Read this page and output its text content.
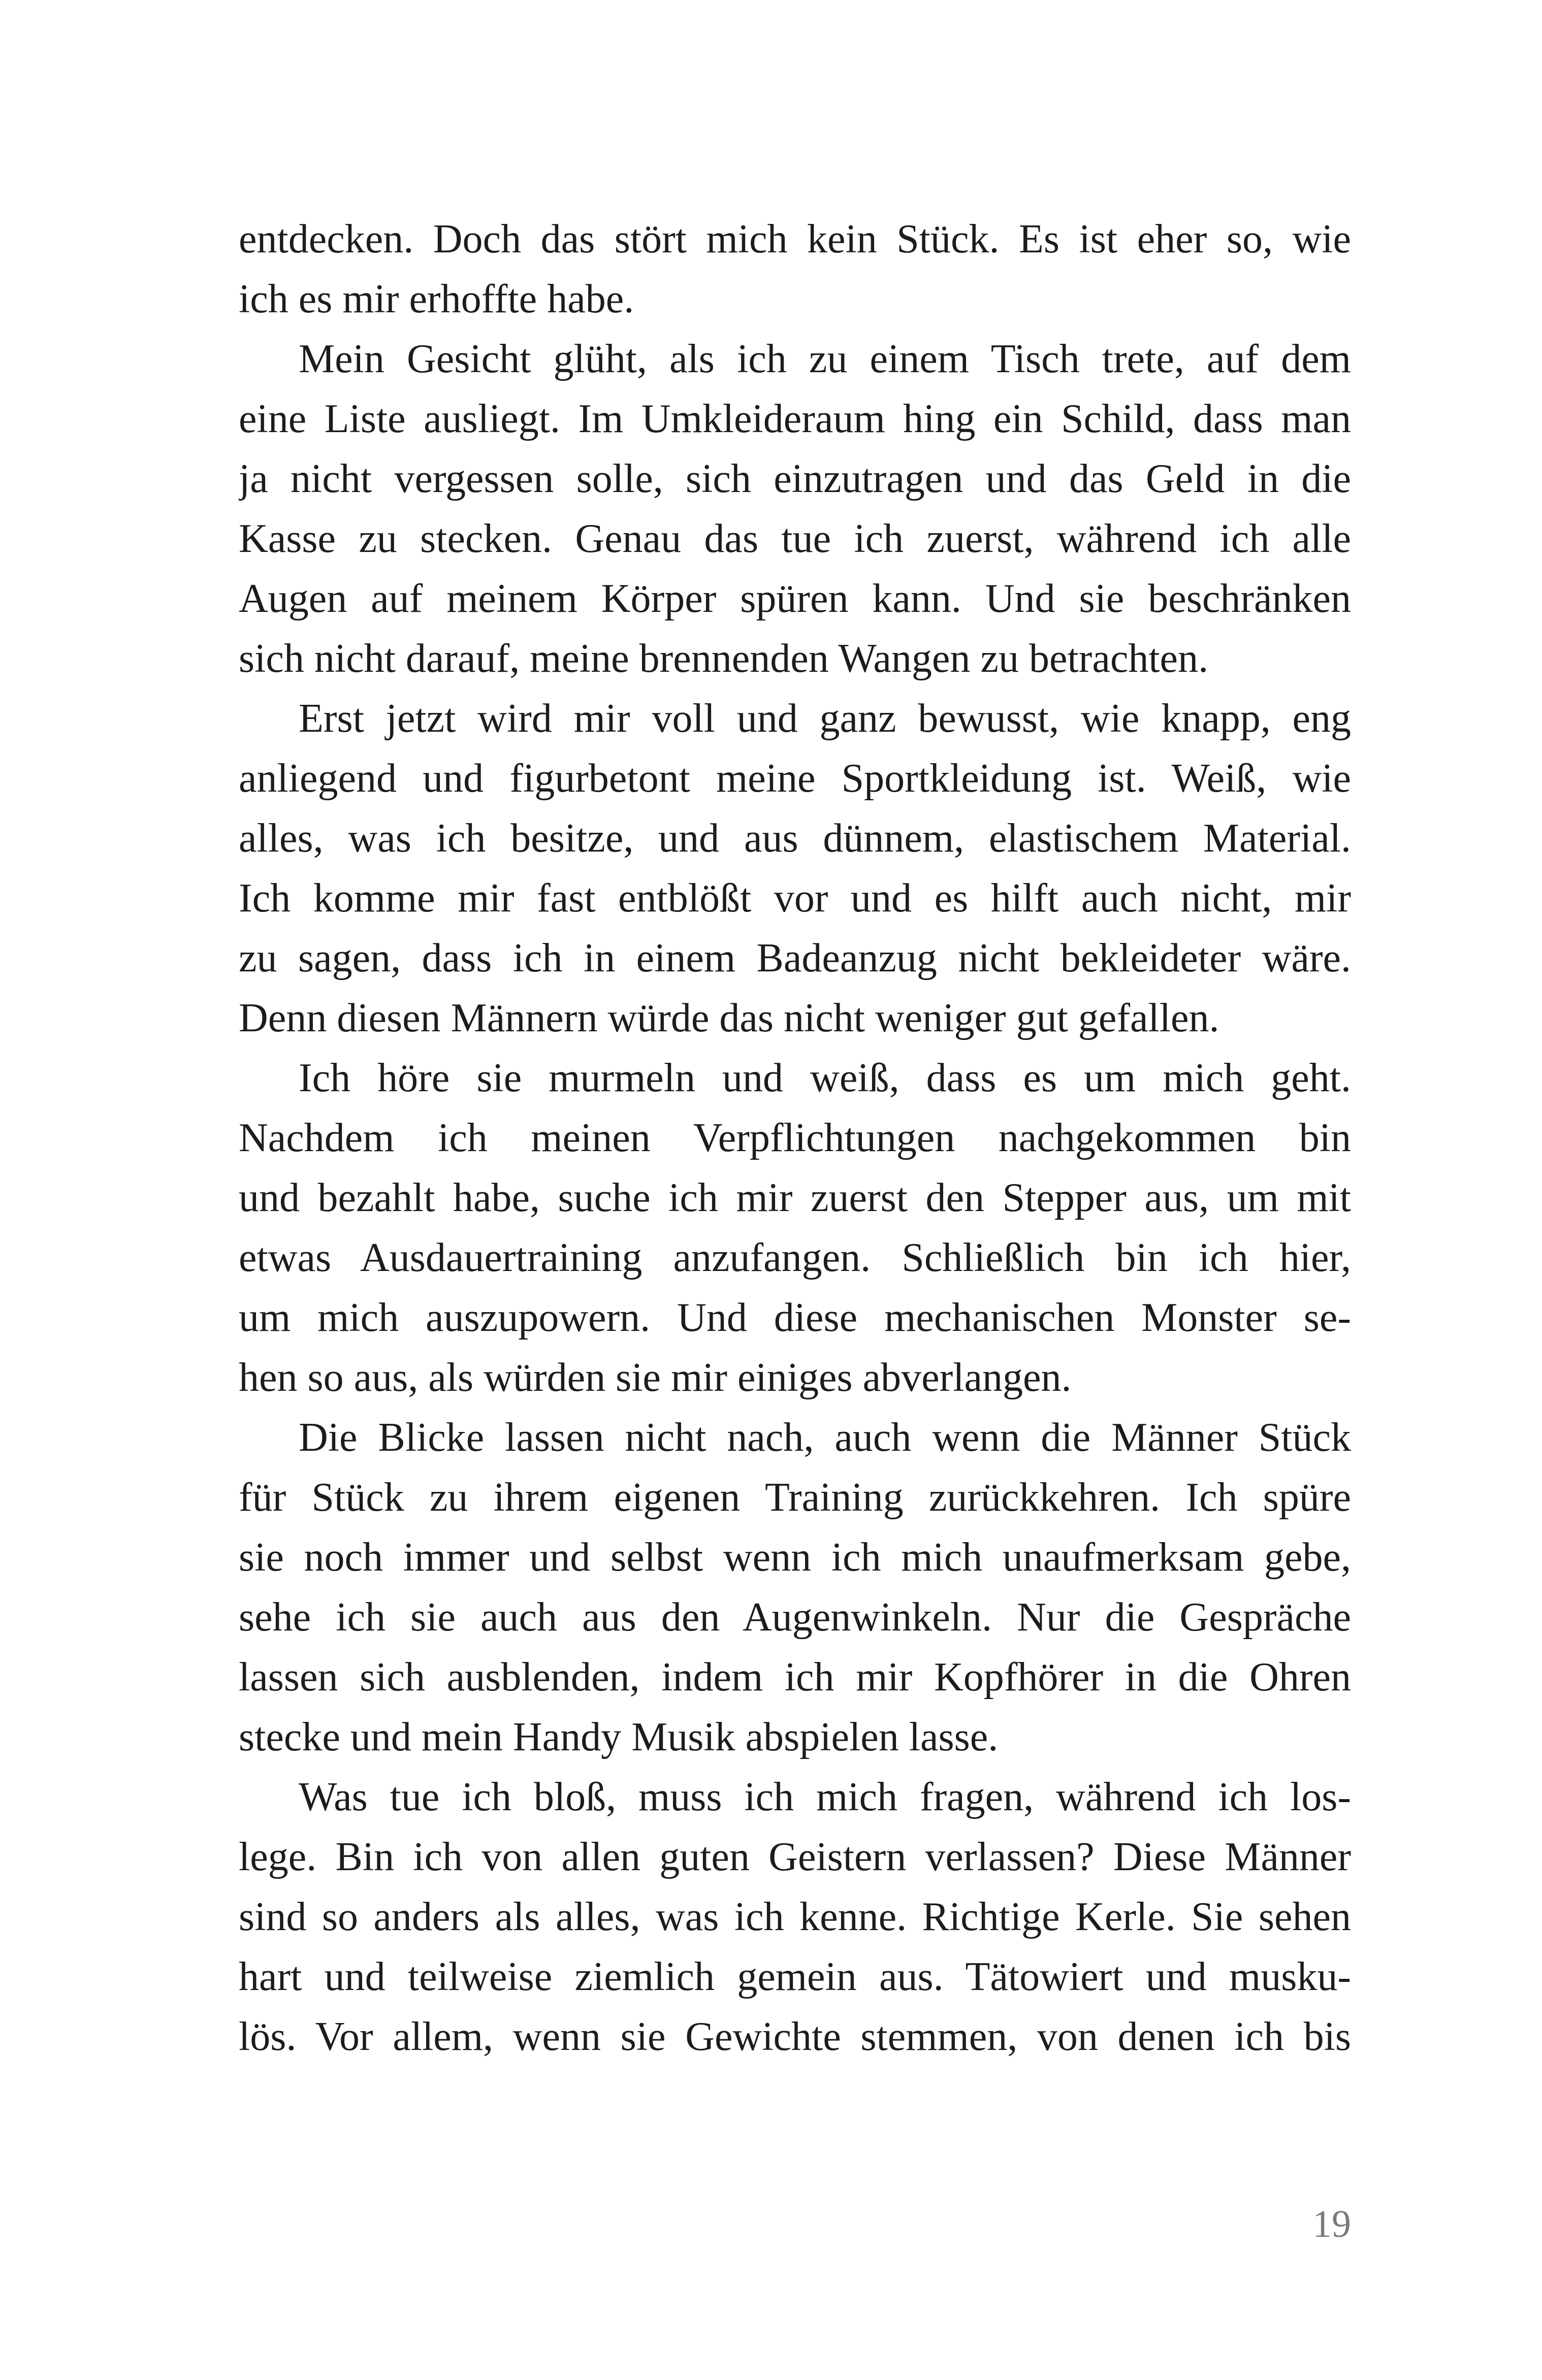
entdecken. Doch das stört mich kein Stück. Es ist eher so, wie
ich es mir erhoffte habe.
Mein Gesicht glüht, als ich zu einem Tisch trete, auf dem
eine Liste ausliegt. Im Umkleideraum hing ein Schild, dass man
ja nicht vergessen solle, sich einzutragen und das Geld in die
Kasse zu stecken. Genau das tue ich zuerst, während ich alle
Augen auf meinem Körper spüren kann. Und sie beschränken
sich nicht darauf, meine brennenden Wangen zu betrachten.
Erst jetzt wird mir voll und ganz bewusst, wie knapp, eng
anliegend und figurbetont meine Sportkleidung ist. Weiß, wie
alles, was ich besitze, und aus dünnem, elastischem Material.
Ich komme mir fast entblößt vor und es hilft auch nicht, mir
zu sagen, dass ich in einem Badeanzug nicht bekleideter wäre.
Denn diesen Männern würde das nicht weniger gut gefallen.
Ich höre sie murmeln und weiß, dass es um mich geht.
Nachdem ich meinen Verpflichtungen nachgekommen bin
und bezahlt habe, suche ich mir zuerst den Stepper aus, um mit
etwas Ausdauertraining anzufangen. Schließlich bin ich hier,
um mich auszupowern. Und diese mechanischen Monster se-
hen so aus, als würden sie mir einiges abverlangen.
Die Blicke lassen nicht nach, auch wenn die Männer Stück
für Stück zu ihrem eigenen Training zurückkehren. Ich spüre
sie noch immer und selbst wenn ich mich unaufmerksam gebe,
sehe ich sie auch aus den Augenwinkeln. Nur die Gespräche
lassen sich ausblenden, indem ich mir Kopfhörer in die Ohren
stecke und mein Handy Musik abspielen lasse.
Was tue ich bloß, muss ich mich fragen, während ich los-
lege. Bin ich von allen guten Geistern verlassen? Diese Männer
sind so anders als alles, was ich kenne. Richtige Kerle. Sie sehen
hart und teilweise ziemlich gemein aus. Tätowiert und musku-
lös. Vor allem, wenn sie Gewichte stemmen, von denen ich bis
19
